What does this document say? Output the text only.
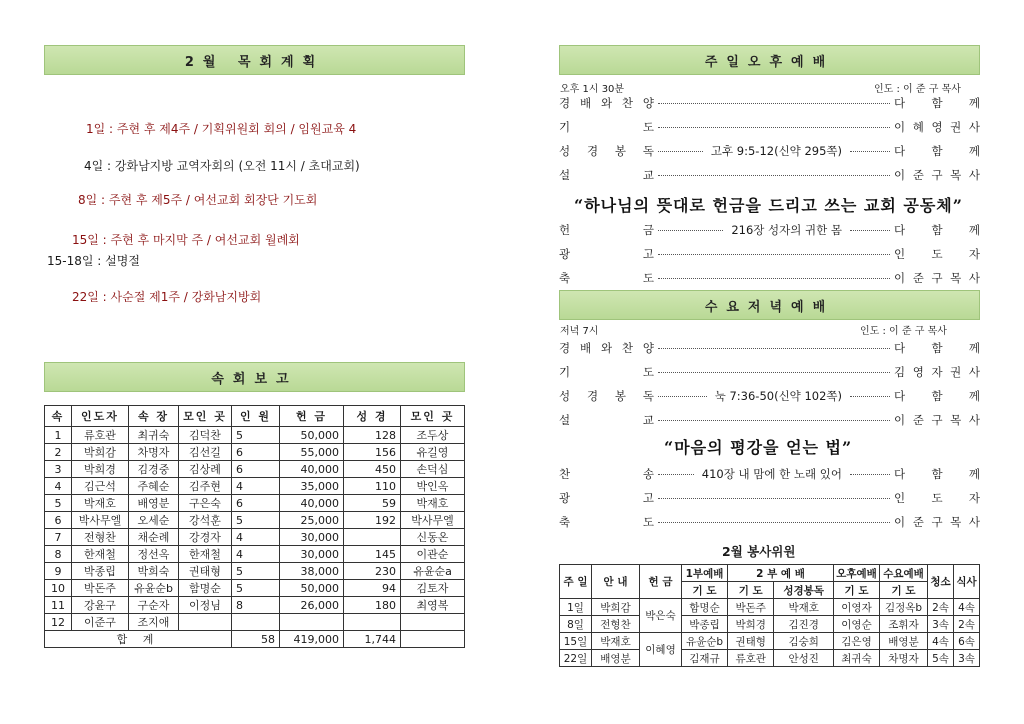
2월 목회계획
1일 : 주현 후 제4주 / 기획위원회 회의 / 임원교육 4
4일 : 강화남지방 교역자회의 (오전 11시 / 초대교회)
8일 : 주현 후 제5주 / 여선교회 회장단 기도회
15일 : 주현 후 마지막 주 / 여선교회 월례회
15-18일 : 설명절
22일 : 사순절 제1주 / 강화남지방회
속회보고
속	인도자	속 장	모인 곳	인 원	헌 금	성 경	모인 곳
1	류호관	최귀숙	김덕찬	5	50,000	128	조두상
2	박희감	차명자	김선길	6	55,000	156	유길영
3	박희경	김경중	김상례	6	40,000	450	손덕심
4	김근석	주혜순	김주현	4	35,000	110	박인옥
5	박재호	배영분	구은숙	6	40,000	59	박재호
6	박사무엘	오세순	강석훈	5	25,000	192	박사무엘
7	전형찬	채순례	강경자	4	30,000		신동온
8	한재철	정선옥	한재철	4	30,000	145	이관순
9	박종립	박희숙	권태형	5	38,000	230	유윤순a
10	박돈주	유윤순b	함명순	5	50,000	94	김토자
11	강윤구	구순자	이정님	8	26,000	180	최영복
12	이준구	조지애					
합 계				58	419,000	1,744	
주일오후예배
오후 1시 30분	인도 : 이 준 구 목사
경 배 와 찬 양	다 함 께
기	도	이 혜 영 권 사
성 경 봉 독	고후 9:5-12(신약 295쪽)	다 함 께
설	교	이 준 구 목 사
“하나님의 뜻대로 헌금을 드리고 쓰는 교회 공동체”
헌	금	216장 성자의 귀한 몸	다 함 께
광	고	인 도 자
축	도	이 준 구 목 사
수요저녁예배
저녁 7시	인도 : 이 준 구 목사
경 배 와 찬 양	다 함 께
기	도	김 영 자 권 사
성 경 봉 독	눅 7:36-50(신약 102쪽)	다 함 께
설	교	이 준 구 목 사
“마음의 평강을 얻는 법”
찬	송	410장 내 맘에 한 노래 있어	다 함 께
광	고	인 도 자
축	도	이 준 구 목 사
2월 봉사위원
주 일	안 내	헌 금	1부예배	2 부 예 배		오후예배	수요예배	청소	식사
			기 도	기 도	성경봉독	기 도	기 도		
1일	박희감	박은숙	함명순	박돈주	박재호	이영자	김정옥b	2속	4속
8일	전형찬		박종립	박희경	김진경	이영순	조휘자	3속	2속
15일	박재호	이혜영	유윤순b	권태형	김숭희	김은영	배영분	4속	6속
22일	배영분		김재규	류호관	안성진	최귀숙	차명자	5속	3속
